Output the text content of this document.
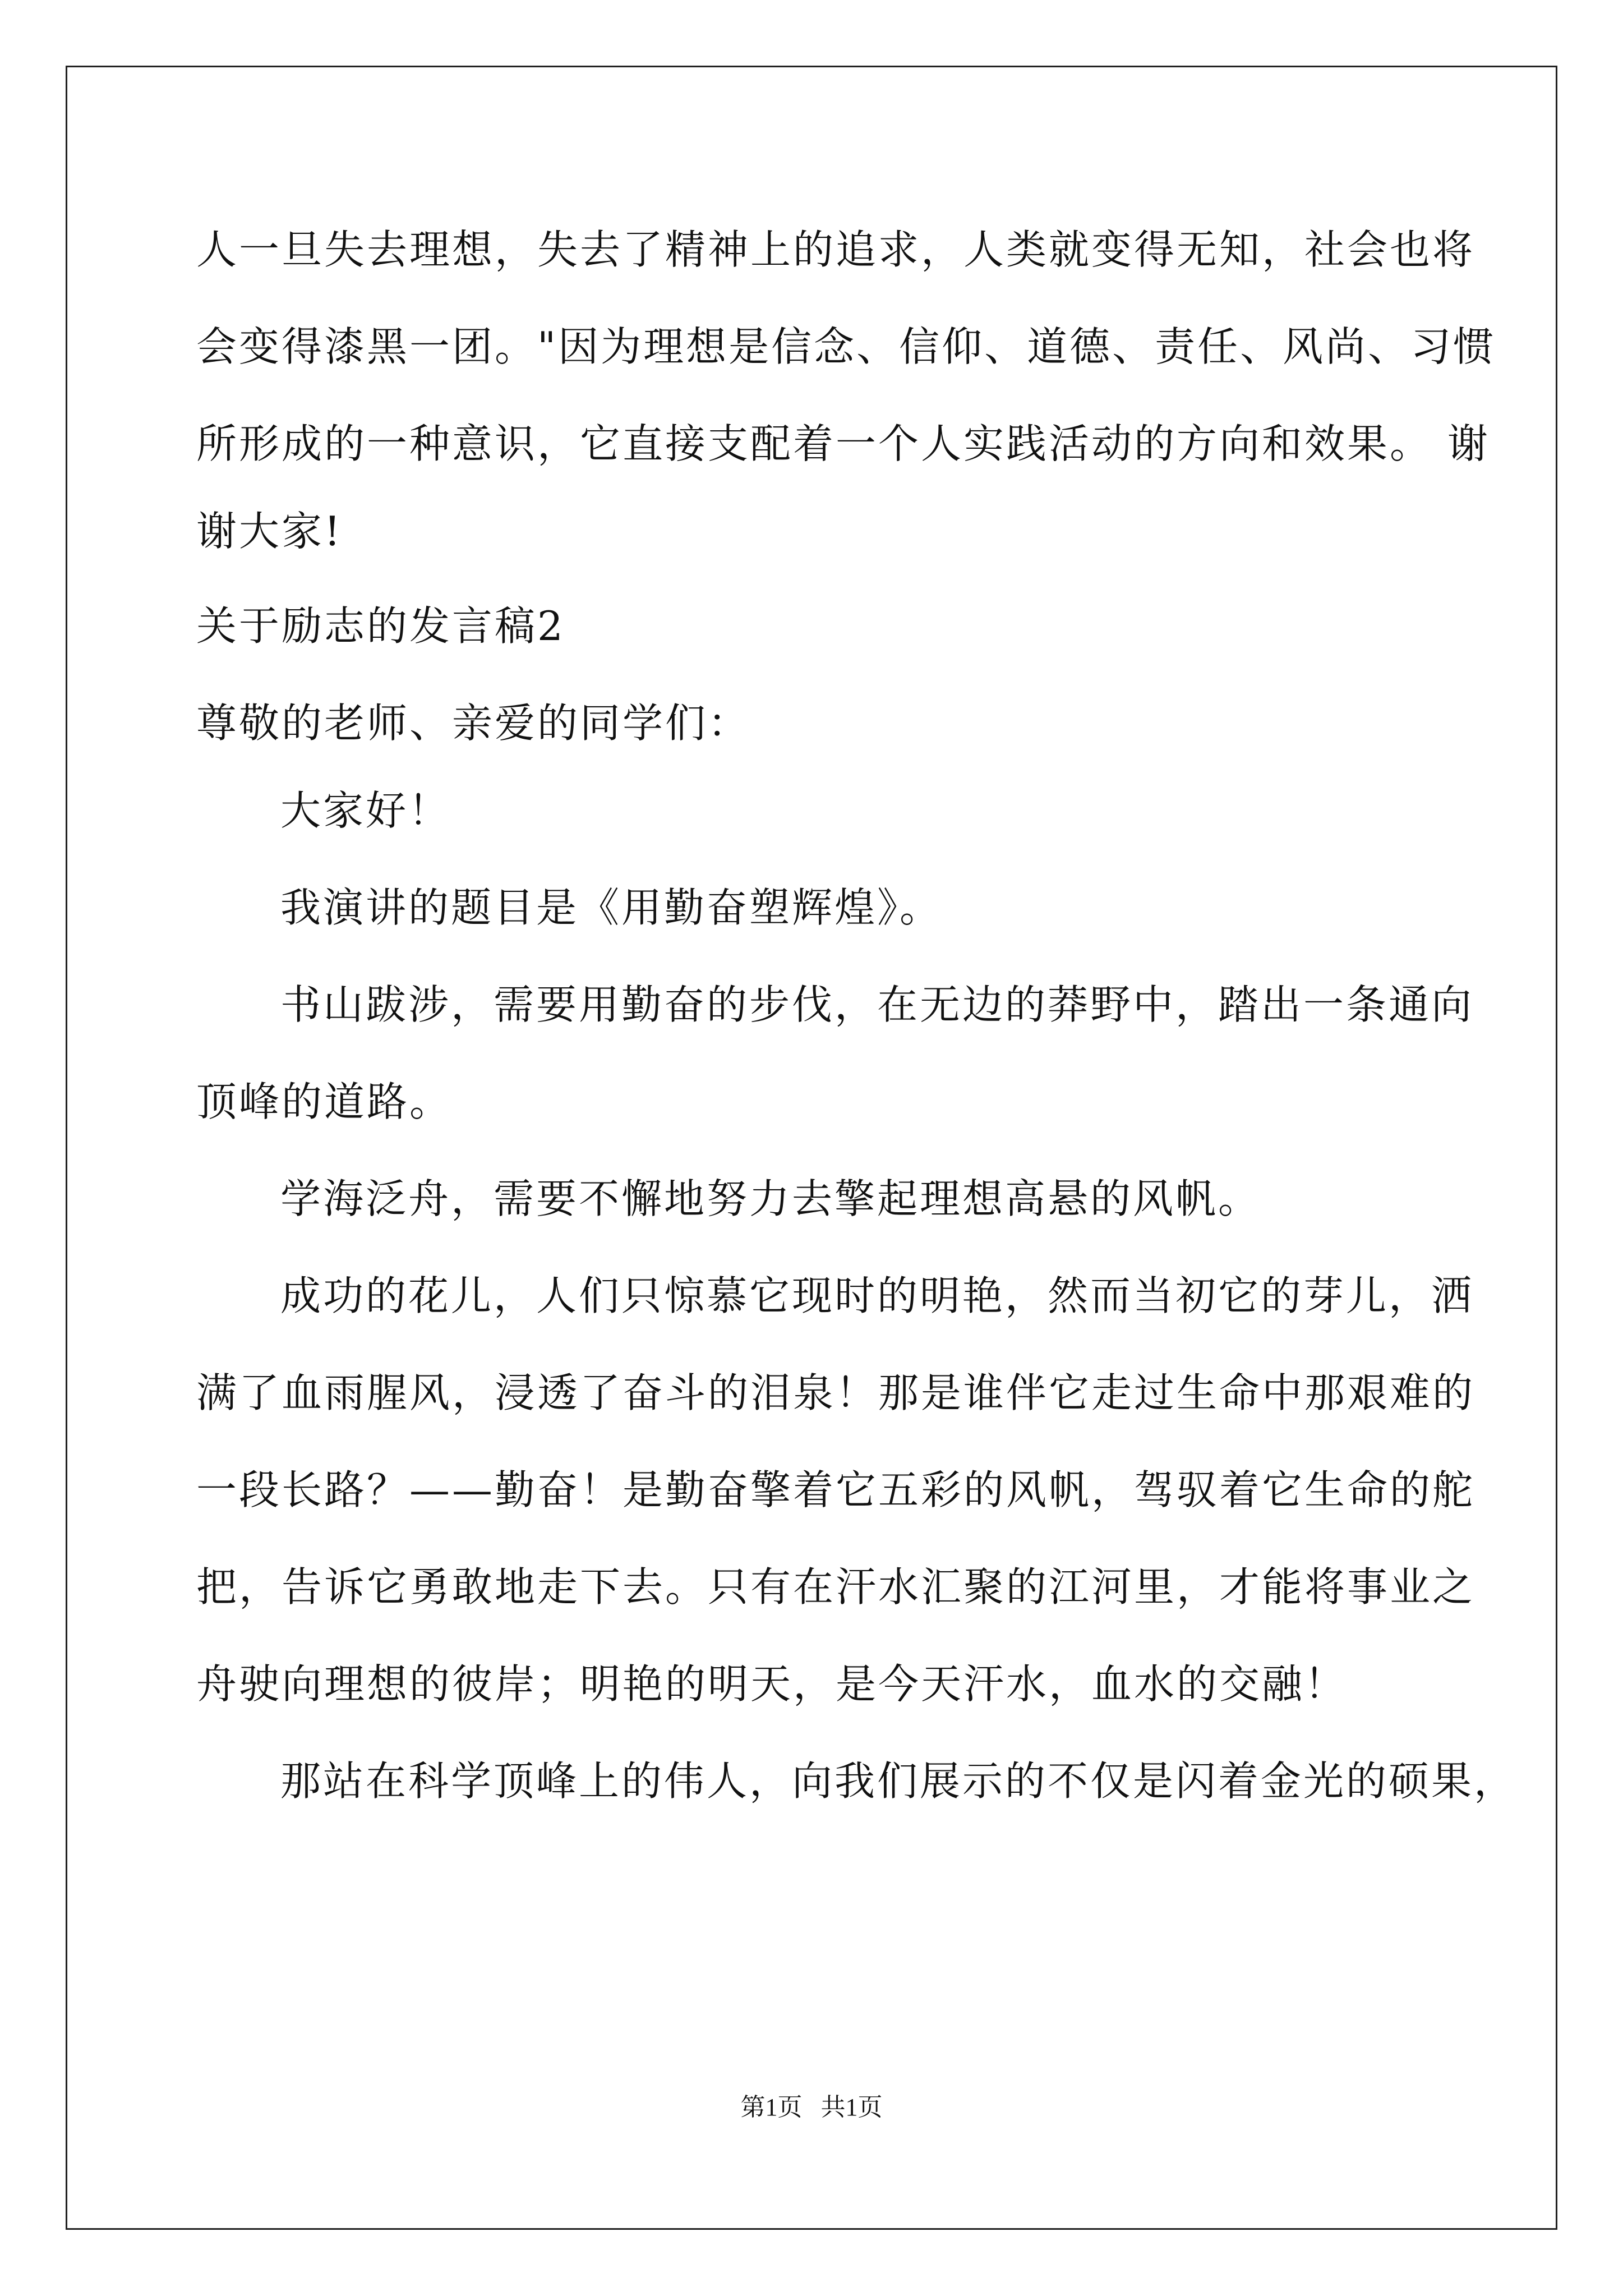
人一旦失去理想，失去了精神上的追求，人类就变得无知，社会也将
会变得漆黑一团。"因为理想是信念、信仰、道德、责任、风尚、习惯
所形成的一种意识，它直接支配着一个人实践活动的方向和效果。 谢
谢大家!
关于励志的发言稿2
尊敬的老师、亲爱的同学们：
大家好！
我演讲的题目是《用勤奋塑辉煌》。
书山跋涉，需要用勤奋的步伐，在无边的莽野中，踏出一条通向
顶峰的道路。
学海泛舟，需要不懈地努力去擎起理想高悬的风帆。
成功的花儿，人们只惊慕它现时的明艳，然而当初它的芽儿，洒
满了血雨腥风，浸透了奋斗的泪泉！那是谁伴它走过生命中那艰难的
一段长路？——勤奋！是勤奋擎着它五彩的风帆，驾驭着它生命的舵
把，告诉它勇敢地走下去。只有在汗水汇聚的江河里，才能将事业之
舟驶向理想的彼岸；明艳的明天，是今天汗水，血水的交融！
那站在科学顶峰上的伟人，向我们展示的不仅是闪着金光的硕果，
第1页   共1页
